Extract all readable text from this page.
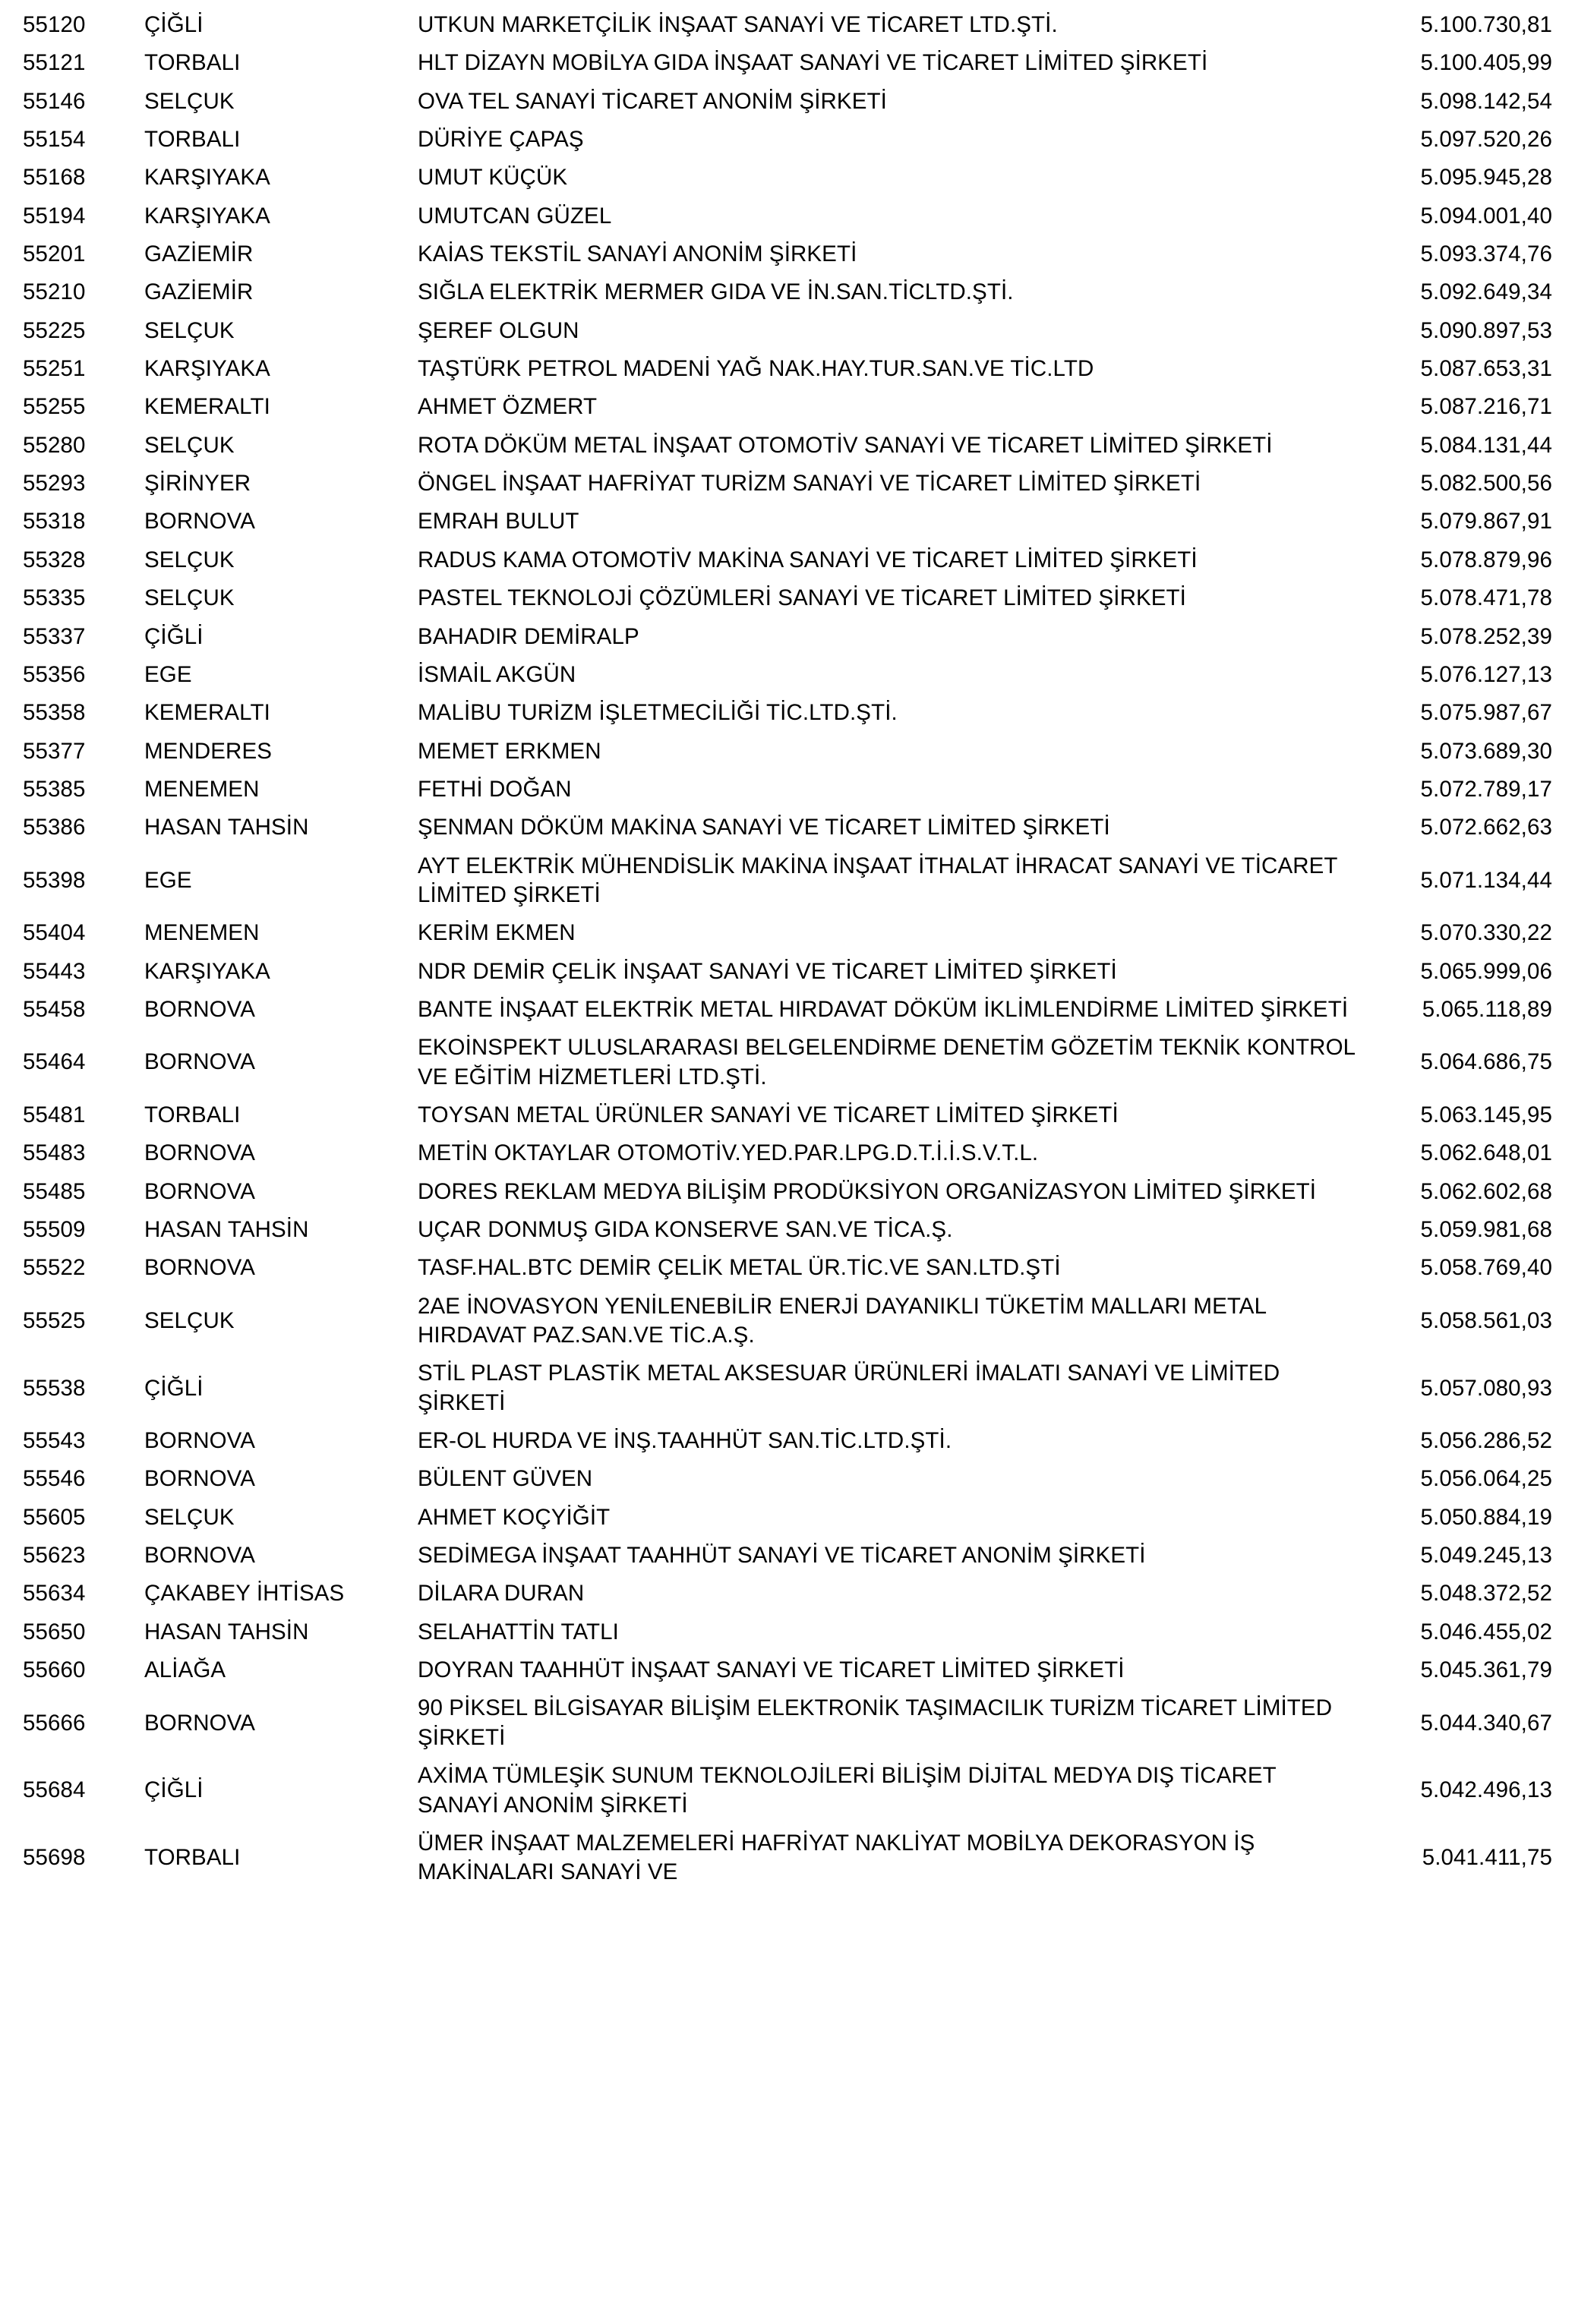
55120	ÇİĞLİ	UTKUN MARKETÇİLİK İNŞAAT SANAYİ VE TİCARET LTD.ŞTİ.	5.100.730,81
55121	TORBALI	HLT DİZAYN MOBİLYA GIDA İNŞAAT SANAYİ VE TİCARET LİMİTED ŞİRKETİ	5.100.405,99
55146	SELÇUK	OVA TEL SANAYİ TİCARET ANONİM ŞİRKETİ	5.098.142,54
55154	TORBALI	DÜRİYE ÇAPAŞ	5.097.520,26
55168	KARŞIYAKA	UMUT KÜÇÜK	5.095.945,28
55194	KARŞIYAKA	UMUTCAN GÜZEL	5.094.001,40
55201	GAZİEMİR	KAİAS TEKSTİL SANAYİ ANONİM ŞİRKETİ	5.093.374,76
55210	GAZİEMİR	SIĞLA ELEKTRİK MERMER GIDA VE İN.SAN.TİCLTD.ŞTİ.	5.092.649,34
55225	SELÇUK	ŞEREF OLGUN	5.090.897,53
55251	KARŞIYAKA	TAŞTÜRK PETROL MADENİ YAĞ NAK.HAY.TUR.SAN.VE TİC.LTD	5.087.653,31
55255	KEMERALTI	AHMET ÖZMERT	5.087.216,71
55280	SELÇUK	ROTA DÖKÜM METAL İNŞAAT OTOMOTİV SANAYİ VE TİCARET LİMİTED ŞİRKETİ	5.084.131,44
55293	ŞİRİNYER	ÖNGEL İNŞAAT HAFRİYAT TURİZM SANAYİ VE TİCARET LİMİTED ŞİRKETİ	5.082.500,56
55318	BORNOVA	EMRAH BULUT	5.079.867,91
55328	SELÇUK	RADUS KAMA OTOMOTİV MAKİNA SANAYİ VE TİCARET LİMİTED ŞİRKETİ	5.078.879,96
55335	SELÇUK	PASTEL TEKNOLOJİ ÇÖZÜMLERİ SANAYİ VE TİCARET LİMİTED ŞİRKETİ	5.078.471,78
55337	ÇİĞLİ	BAHADIR DEMİRALP	5.078.252,39
55356	EGE	İSMAİL AKGÜN	5.076.127,13
55358	KEMERALTI	MALİBU TURİZM İŞLETMECİLİĞİ TİC.LTD.ŞTİ.	5.075.987,67
55377	MENDERES	MEMET ERKMEN	5.073.689,30
55385	MENEMEN	FETHİ DOĞAN	5.072.789,17
55386	HASAN TAHSİN	ŞENMAN DÖKÜM MAKİNA SANAYİ VE TİCARET LİMİTED ŞİRKETİ	5.072.662,63
55398	EGE	AYT ELEKTRİK MÜHENDİSLİK MAKİNA İNŞAAT İTHALAT İHRACAT SANAYİ VE TİCARET LİMİTED ŞİRKETİ	5.071.134,44
55404	MENEMEN	KERİM EKMEN	5.070.330,22
55443	KARŞIYAKA	NDR DEMİR ÇELİK İNŞAAT SANAYİ VE TİCARET LİMİTED ŞİRKETİ	5.065.999,06
55458	BORNOVA	BANTE İNŞAAT ELEKTRİK METAL HIRDAVAT DÖKÜM İKLİMLENDİRME LİMİTED ŞİRKETİ	5.065.118,89
55464	BORNOVA	EKOİNSPEKT ULUSLARARASI BELGELENDİRME DENETİM GÖZETİM TEKNİK KONTROL VE EĞİTİM HİZMETLERİ LTD.ŞTİ.	5.064.686,75
55481	TORBALI	TOYSAN METAL ÜRÜNLER SANAYİ VE TİCARET LİMİTED ŞİRKETİ	5.063.145,95
55483	BORNOVA	METİN OKTAYLAR OTOMOTİV.YED.PAR.LPG.D.T.İ.İ.S.V.T.L.	5.062.648,01
55485	BORNOVA	DORES REKLAM MEDYA BİLİŞİM PRODÜKSİYON ORGANİZASYON LİMİTED ŞİRKETİ	5.062.602,68
55509	HASAN TAHSİN	UÇAR DONMUŞ GIDA KONSERVE SAN.VE TİCA.Ş.	5.059.981,68
55522	BORNOVA	TASF.HAL.BTC DEMİR ÇELİK METAL ÜR.TİC.VE SAN.LTD.ŞTİ	5.058.769,40
55525	SELÇUK	2AE İNOVASYON YENİLENEBİLİR ENERJİ DAYANIKLI TÜKETİM MALLARI METAL HIRDAVAT PAZ.SAN.VE TİC.A.Ş.	5.058.561,03
55538	ÇİĞLİ	STİL PLAST PLASTİK METAL AKSESUAR ÜRÜNLERİ İMALATI SANAYİ VE LİMİTED ŞİRKETİ	5.057.080,93
55543	BORNOVA	ER-OL HURDA VE İNŞ.TAAHHÜT SAN.TİC.LTD.ŞTİ.	5.056.286,52
55546	BORNOVA	BÜLENT GÜVEN	5.056.064,25
55605	SELÇUK	AHMET KOÇYİĞİT	5.050.884,19
55623	BORNOVA	SEDİMEGA İNŞAAT TAAHHÜT SANAYİ VE TİCARET ANONİM ŞİRKETİ	5.049.245,13
55634	ÇAKABEY İHTİSAS	DİLARA DURAN	5.048.372,52
55650	HASAN TAHSİN	SELAHATTİN TATLI	5.046.455,02
55660	ALİAĞA	DOYRAN TAAHHÜT İNŞAAT SANAYİ VE TİCARET LİMİTED ŞİRKETİ	5.045.361,79
55666	BORNOVA	90 PİKSEL BİLGİSAYAR BİLİŞİM ELEKTRONİK TAŞIMACILIK TURİZM TİCARET LİMİTED ŞİRKETİ	5.044.340,67
55684	ÇİĞLİ	AXİMA TÜMLEŞİK SUNUM TEKNOLOJİLERİ BİLİŞİM DİJİTAL MEDYA DIŞ TİCARET SANAYİ ANONİM ŞİRKETİ	5.042.496,13
55698	TORBALI	ÜMER İNŞAAT MALZEMELERİ HAFRİYAT NAKLİYAT MOBİLYA DEKORASYON İŞ MAKİNALARI SANAYİ VE	5.041.411,75
